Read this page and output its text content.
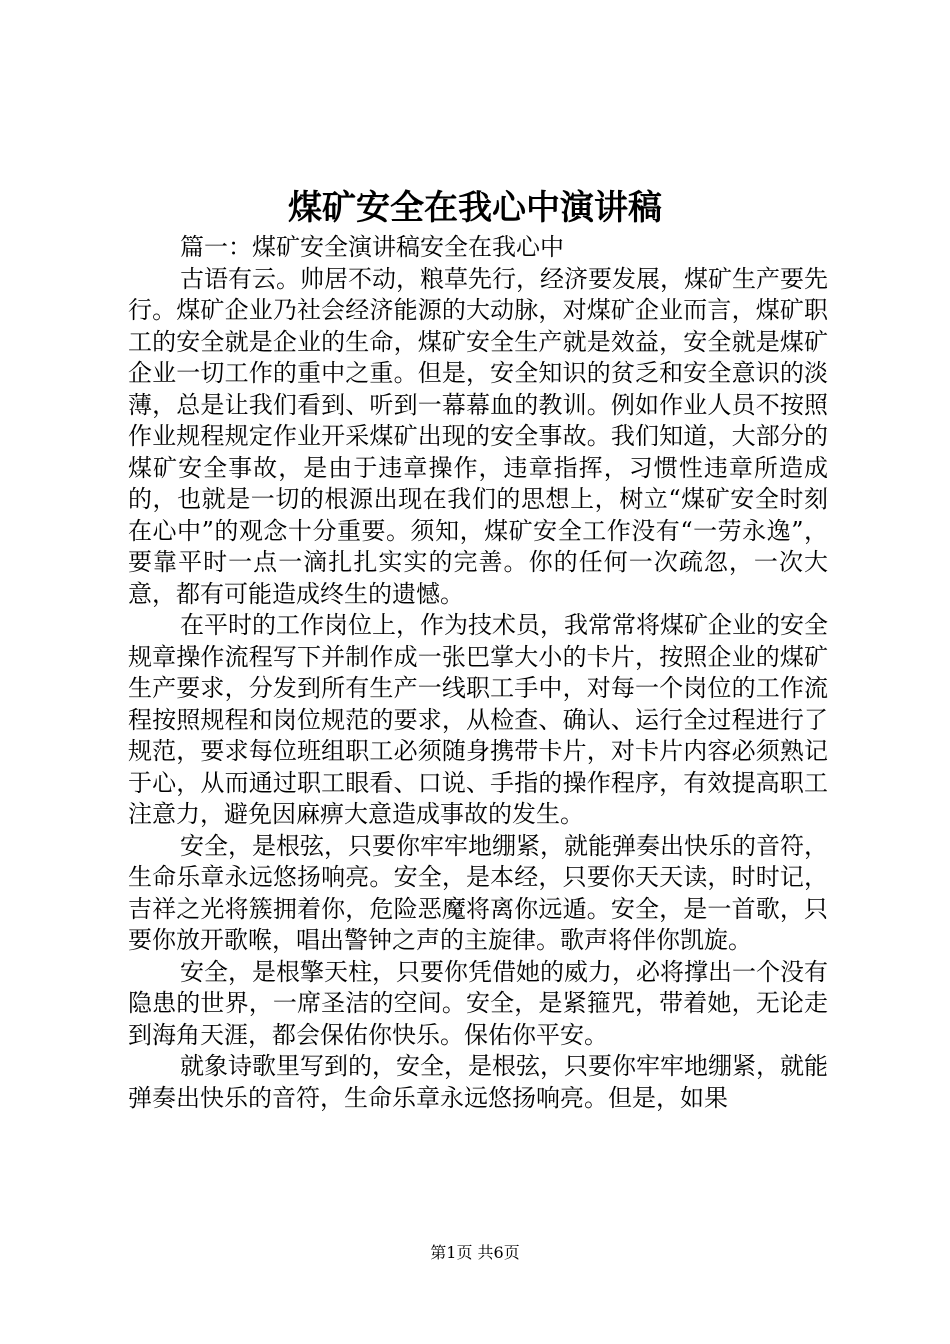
煤矿安全在我心中演讲稿

篇一：煤矿安全演讲稿安全在我心中

古语有云。帅居不动，粮草先行，经济要发展，煤矿生产要先行。煤矿企业乃社会经济能源的大动脉，对煤矿企业而言，煤矿职工的安全就是企业的生命，煤矿安全生产就是效益，安全就是煤矿企业一切工作的重中之重。但是，安全知识的贫乏和安全意识的淡薄，总是让我们看到、听到一幕幕血的教训。例如作业人员不按照作业规程规定作业开采煤矿出现的安全事故。我们知道，大部分的煤矿安全事故，是由于违章操作，违章指挥，习惯性违章所造成的，也就是一切的根源出现在我们的思想上，树立“煤矿安全时刻在心中”的观念十分重要。须知，煤矿安全工作没有“一劳永逸”，要靠平时一点一滴扎扎实实的完善。你的任何一次疏忽，一次大意，都有可能造成终生的遗憾。

在平时的工作岗位上，作为技术员，我常常将煤矿企业的安全规章操作流程写下并制作成一张巴掌大小的卡片，按照企业的煤矿生产要求，分发到所有生产一线职工手中，对每一个岗位的工作流程按照规程和岗位规范的要求，从检查、确认、运行全过程进行了规范，要求每位班组职工必须随身携带卡片，对卡片内容必须熟记于心，从而通过职工眼看、口说、手指的操作程序，有效提高职工注意力，避免因麻痹大意造成事故的发生。

安全，是根弦，只要你牢牢地绷紧，就能弹奏出快乐的音符，生命乐章永远悠扬响亮。安全，是本经，只要你天天读，时时记，吉祥之光将簇拥着你，危险恶魔将离你远遁。安全，是一首歌，只要你放开歌喉，唱出警钟之声的主旋律。歌声将伴你凯旋。

安全，是根擎天柱，只要你凭借她的威力，必将撑出一个没有隐患的世界，一席圣洁的空间。安全，是紧箍咒，带着她，无论走到海角天涯，都会保佑你快乐。保佑你平安。

就象诗歌里写到的，安全，是根弦，只要你牢牢地绷紧，就能弹奏出快乐的音符，生命乐章永远悠扬响亮。但是，如果

第1页 共6页
